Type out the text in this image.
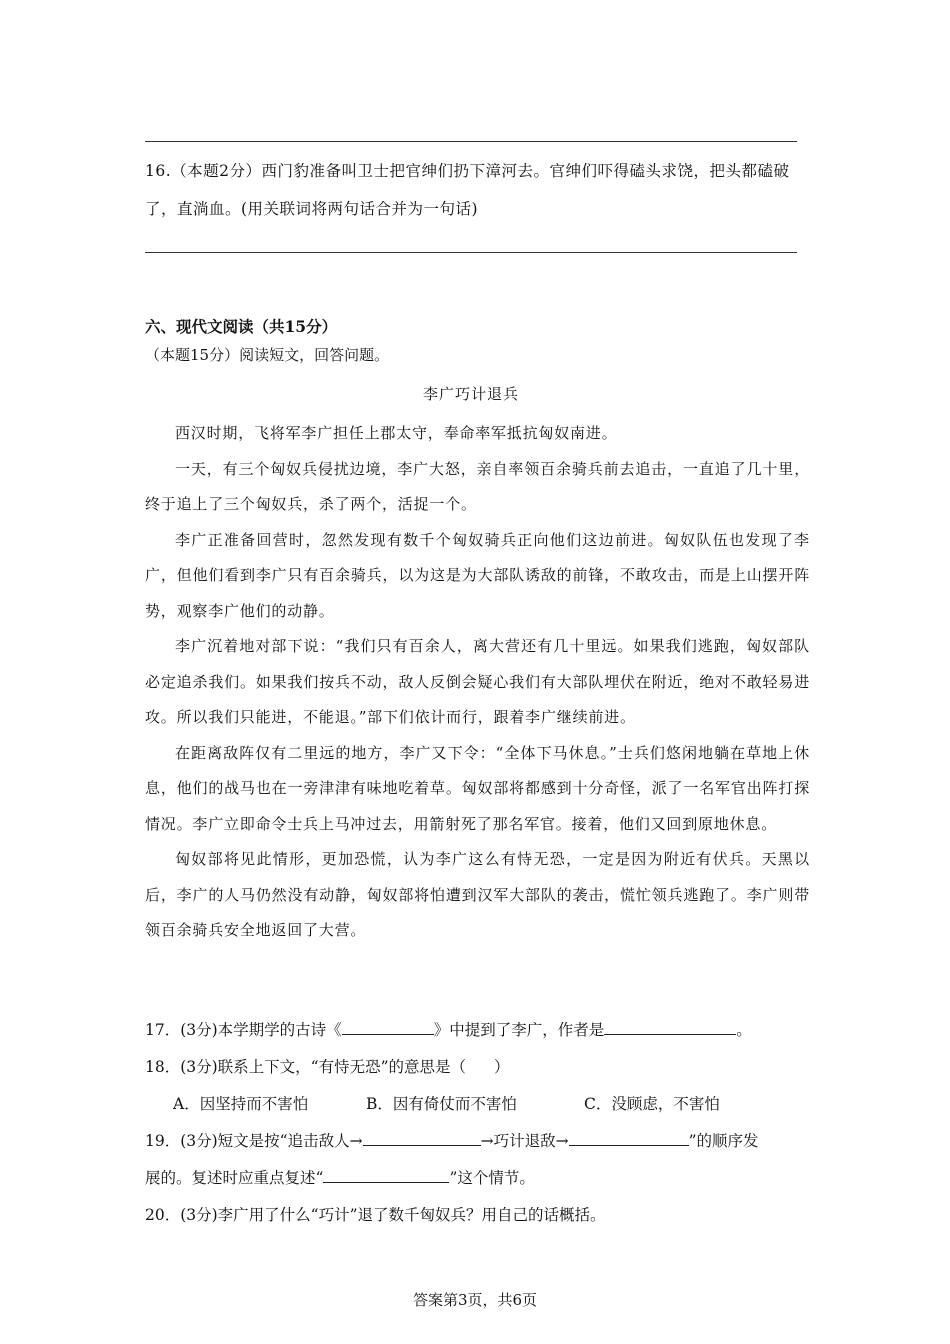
16.（本题2分）西门豹准备叫卫士把官绅们扔下漳河去。官绅们吓得磕头求饶，把头都磕破了，直淌血。(用关联词将两句话合并为一句话)
六、现代文阅读（共15分）
（本题15分）阅读短文，回答问题。
李广巧计退兵

西汉时期，飞将军李广担任上郡太守，奉命率军抵抗匈奴南进。

一天，有三个匈奴兵侵扰边境，李广大怒，亲自率领百余骑兵前去追击，一直追了几十里，终于追上了三个匈奴兵，杀了两个，活捉一个。

李广正准备回营时，忽然发现有数千个匈奴骑兵正向他们这边前进。匈奴队伍也发现了李广，但他们看到李广只有百余骑兵，以为这是为大部队诱敌的前锋，不敢攻击，而是上山摆开阵势，观察李广他们的动静。

李广沉着地对部下说：“我们只有百余人，离大营还有几十里远。如果我们逃跑，匈奴部队必定追杀我们。如果我们按兵不动，敌人反倒会疑心我们有大部队埋伏在附近，绝对不敢轻易进攻。所以我们只能进，不能退。”部下们依计而行，跟着李广继续前进。

在距离敌阵仅有二里远的地方，李广又下令：“全体下马休息。”士兵们悠闲地躺在草地上休息，他们的战马也在一旁津津有味地吃着草。匈奴部将都感到十分奇怪，派了一名军官出阵打探情况。李广立即命令士兵上马冲过去，用箭射死了那名军官。接着，他们又回到原地休息。

匈奴部将见此情形，更加恐慌，认为李广这么有恃无恐，一定是因为附近有伏兵。天黑以后，李广的人马仍然没有动静，匈奴部将怕遭到汉军大部队的袭击，慌忙领兵逃跑了。李广则带领百余骑兵安全地返回了大营。

17．(3分)本学期学的古诗《	》中提到了李广，作者是	。
18．(3分)联系上下文，“有恃无恐”的意思是（ ）
A．因坚持而不害怕	B．因有倚仗而不害怕	C．没顾虑，不害怕
19．(3分)短文是按“追击敌人→	→巧计退敌→	”的顺序发
展的。复述时应重点复述“	”这个情节。
20．(3分)李广用了什么“巧计”退了数千匈奴兵？用自己的话概括。
答案第3页，共6页
